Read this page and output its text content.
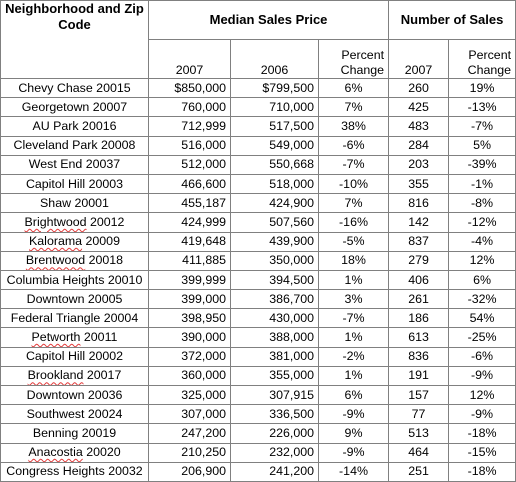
Neighborhood and Zip Code	Median Sales Price			Number of Sales	
	2007	2006	Percent Change	2007	Percent Change
Chevy Chase 20015	$850,000	$799,500	6%	260	19%
Georgetown 20007	760,000	710,000	7%	425	-13%
AU Park 20016	712,999	517,500	38%	483	-7%
Cleveland Park 20008	516,000	549,000	-6%	284	5%
West End 20037	512,000	550,668	-7%	203	-39%
Capitol Hill 20003	466,600	518,000	-10%	355	-1%
Shaw 20001	455,187	424,900	7%	816	-8%
Brightwood 20012	424,999	507,560	-16%	142	-12%
Kalorama 20009	419,648	439,900	-5%	837	-4%
Brentwood 20018	411,885	350,000	18%	279	12%
Columbia Heights 20010	399,999	394,500	1%	406	6%
Downtown 20005	399,000	386,700	3%	261	-32%
Federal Triangle 20004	398,950	430,000	-7%	186	54%
Petworth 20011	390,000	388,000	1%	613	-25%
Capitol Hill 20002	372,000	381,000	-2%	836	-6%
Brookland 20017	360,000	355,000	1%	191	-9%
Downtown 20036	325,000	307,915	6%	157	12%
Southwest 20024	307,000	336,500	-9%	77	-9%
Benning 20019	247,200	226,000	9%	513	-18%
Anacostia 20020	210,250	232,000	-9%	464	-15%
Congress Heights 20032	206,900	241,200	-14%	251	-18%
